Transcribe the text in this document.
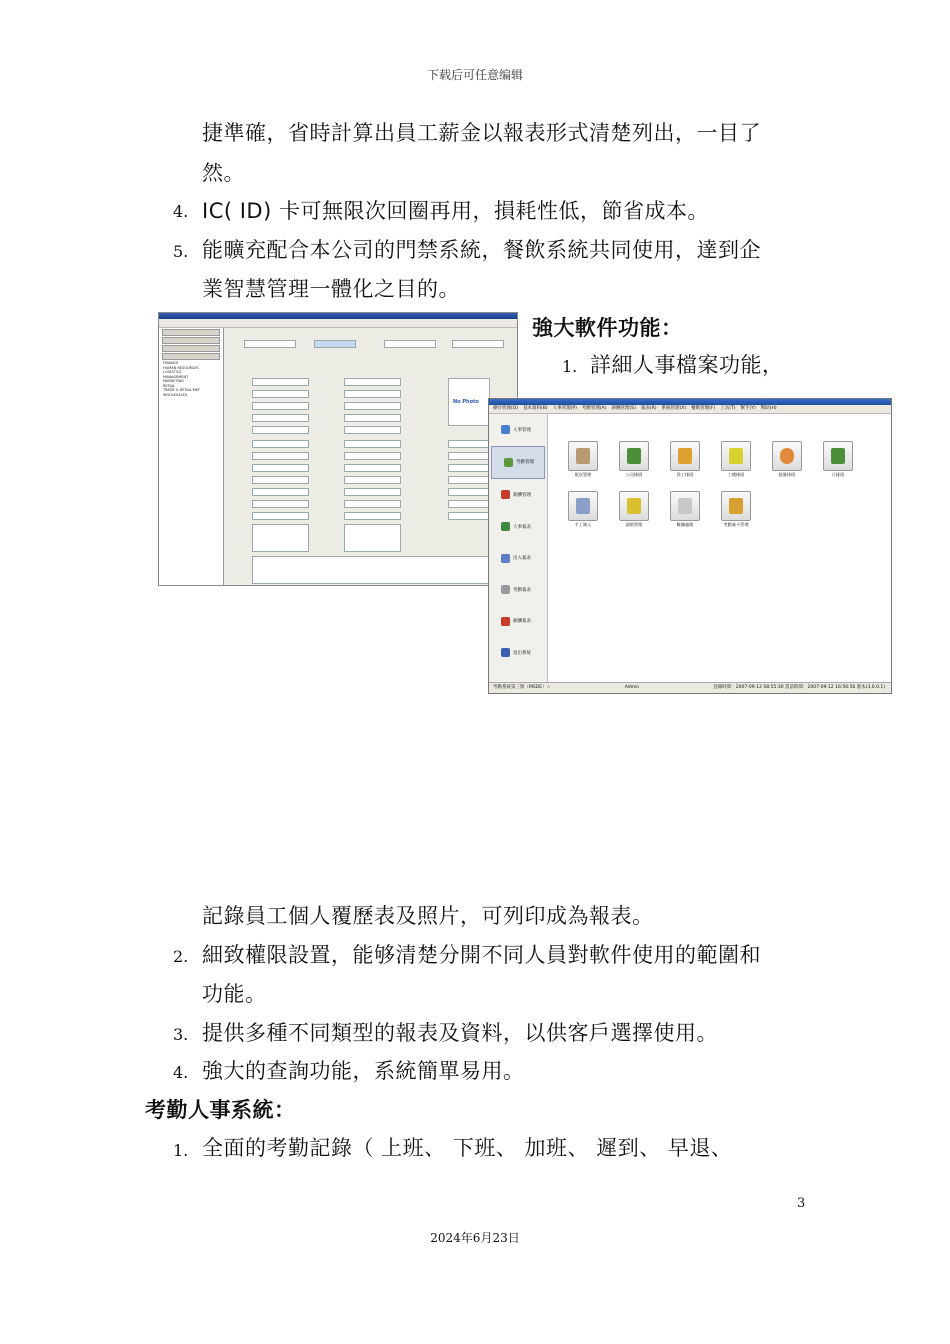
下载后可任意编辑
捷準確，省時計算出員工薪金以報表形式清楚列出，一目了
然。
4. IC( ID) 卡可無限次回圈再用，損耗性低，節省成本。
5. 能曠充配合本公司的門禁系統，餐飲系統共同使用，達到企
業智慧管理一體化之目的。
強大軟件功能：
1. 詳細人事檔案功能，
FINANCE
HUMAN RESOURCES
LOGISTICS
MANAGEMENT
MARKETING
RETAIL
TRADE & RETAIL MKT
WHOLESALES
No Photo
操作管理(O) 基本資料(B) 人事管理(P) 考勤管理(A) 薪酬管理(S) 報表(R) 系統管理(X) 餐飲管理(F) 工具(T) 幫手(Y) 幫助(H)
人事管理
考勤管理
薪酬管理
人事報表
出入報表
考勤報表
薪酬報表
退出系統
班次管理	公司排班	員工排班	工種排班	批量排班	日排班
手工錄入	請假管理	數據處理	考勤簽卡管理
考勤系統第三版（MSDE）☆	Admin	登錄時間：2007-09-12 08:55:30 當前時間：2007-09-12 16:56:56 版本(3.0.0.1)
記錄員工個人覆歷表及照片，可列印成為報表。
2. 細致權限設置，能够清楚分開不同人員對軟件使用的範圍和
功能。
3. 提供多種不同類型的報表及資料，以供客戶選擇使用。
4. 強大的查詢功能，系統簡單易用。
考勤人事系統：
1. 全面的考勤記錄（ 上班、 下班、 加班、 遲到、 早退、
3
2024年6月23日
